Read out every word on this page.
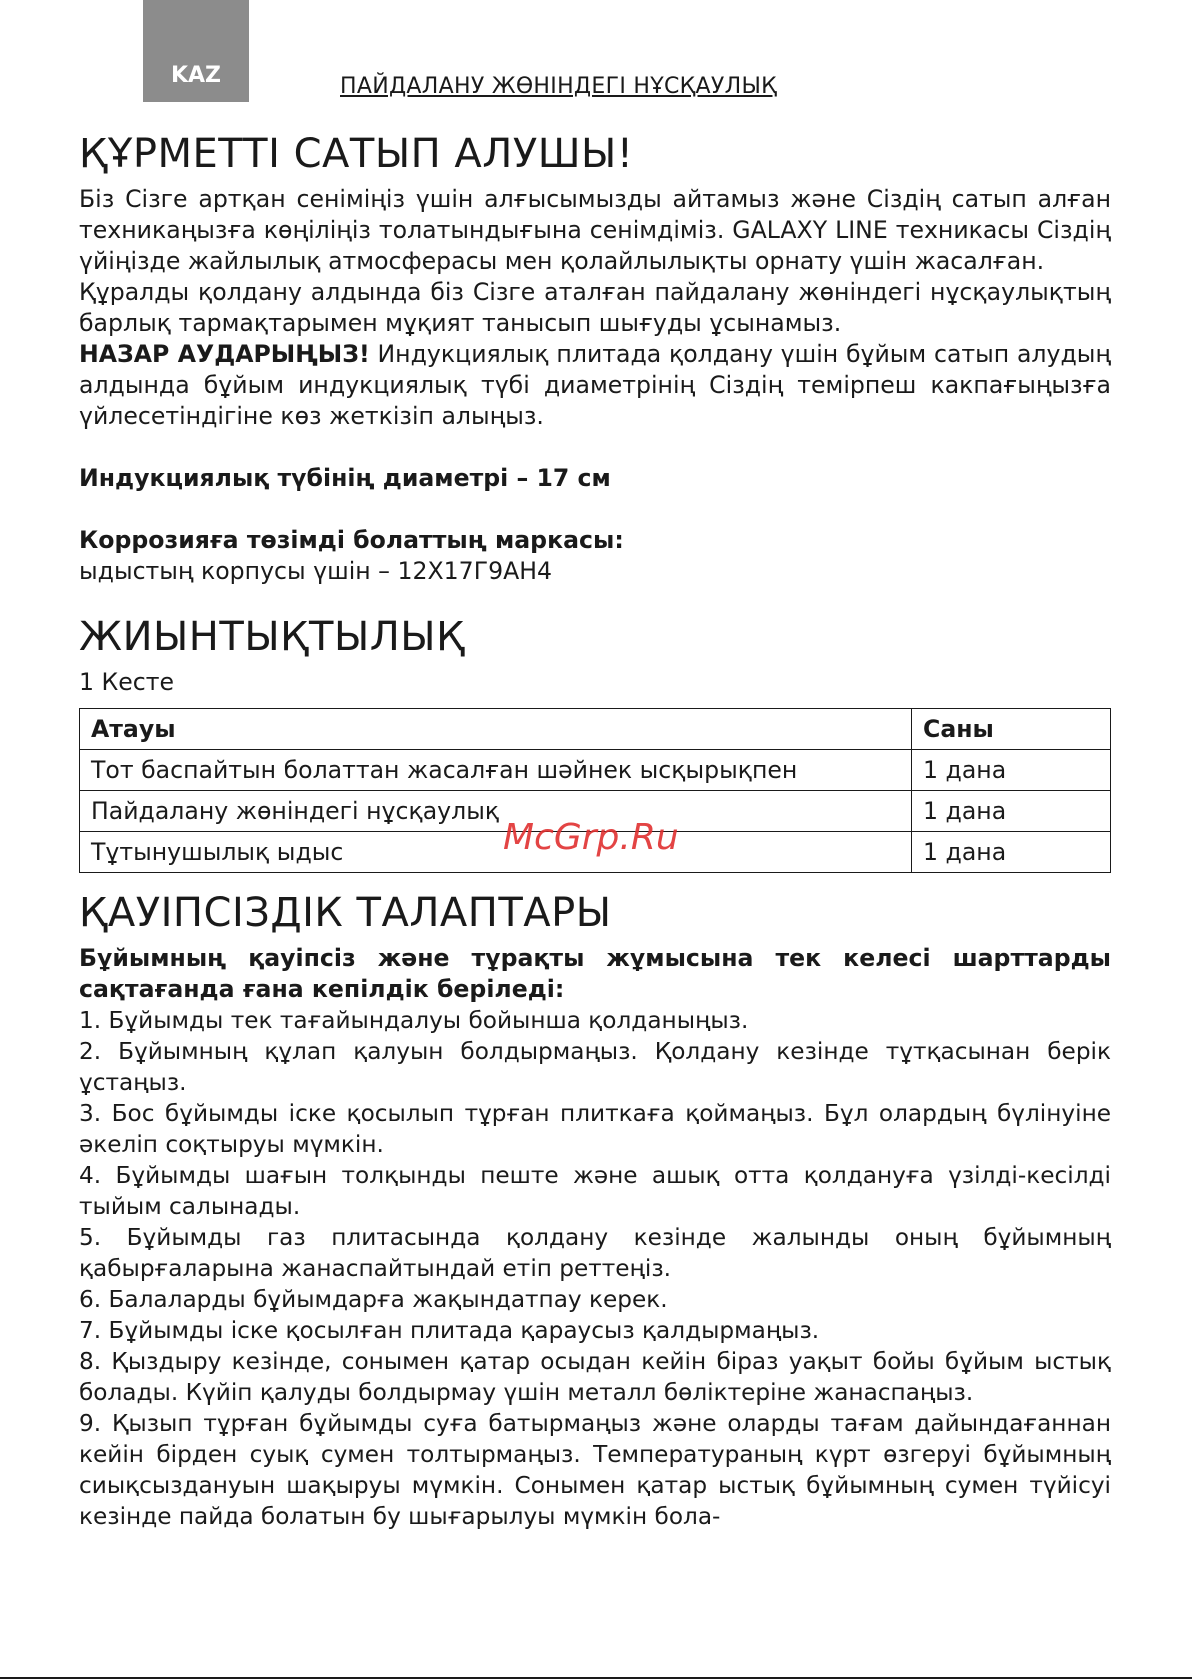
KAZ	ПАЙДАЛАНУ ЖӨНІНДЕГІ НҰСҚАУЛЫҚ
ҚҰРМЕТТІ САТЫП АЛУШЫ!

Біз Сізге артқан сеніміңіз үшін алғысымызды айтамыз және Сіздің сатып алған техникаңызға көңіліңіз толатындығына сенімдіміз. GALAXY LINE техникасы Сіздің үйіңізде жайлылық атмосферасы мен қолайлылықты орнату үшін жасалған.

Құралды қолдану алдында біз Сізге аталған пайдалану жөніндегі нұсқаулықтың барлық тармақтарымен мұқият танысып шығуды ұсынамыз.

НАЗАР АУДАРЫҢЫЗ! Индукциялық плитада қолдану үшін бұйым сатып алудың алдында бұйым индукциялық түбі диаметрінің Сіздің темірпеш какпағыңызға үйлесетіндігіне көз жеткізіп алыңыз.

Индукциялық түбінің диаметрі – 17 см

Коррозияға төзімді болаттың маркасы:

ыдыстың корпусы үшін – 12Х17Г9АН4

ЖИЫНТЫҚТЫЛЫҚ

1 Кесте

Атауы	Саны
Тот баспайтын болаттан жасалған шәйнек ысқырықпен	1 дана
Пайдалану жөніндегі нұсқаулық	1 дана
Тұтынушылық ыдыс	1 дана
ҚАУІПСІЗДІК ТАЛАПТАРЫ

Бұйымның қауіпсіз және тұрақты жұмысына тек келесі шарттарды сақтағанда ғана кепілдік беріледі:

1. Бұйымды тек тағайындалуы бойынша қолданыңыз.

2. Бұйымның құлап қалуын болдырмаңыз. Қолдану кезінде тұтқасынан берік ұстаңыз.

3. Бос бұйымды іске қосылып тұрған плиткаға қоймаңыз. Бұл олардың бүлінуіне әкеліп соқтыруы мүмкін.

4. Бұйымды шағын толқынды пеште және ашық отта қолдануға үзілді-кесілді тыйым салынады.

5. Бұйымды газ плитасында қолдану кезінде жалынды оның бұйымның қабырғаларына жанаспайтындай етіп реттеңіз.

6. Балаларды бұйымдарға жақындатпау керек.

7. Бұйымды іске қосылған плитада қараусыз қалдырмаңыз.

8. Қыздыру кезінде, сонымен қатар осыдан кейін біраз уақыт бойы бұйым ыстық болады. Күйіп қалуды болдырмау үшін металл бөліктеріне жанаспаңыз.

9. Қызып тұрған бұйымды суға батырмаңыз және оларды тағам дайындағаннан кейін бірден суық сумен толтырмаңыз. Температураның күрт өзгеруі бұйымның сиықсыздануын шақыруы мүмкін. Сонымен қатар ыстық бұйымның сумен түйісуі кезінде пайда болатын бу шығарылуы мүмкін бола-

McGrp.Ru
